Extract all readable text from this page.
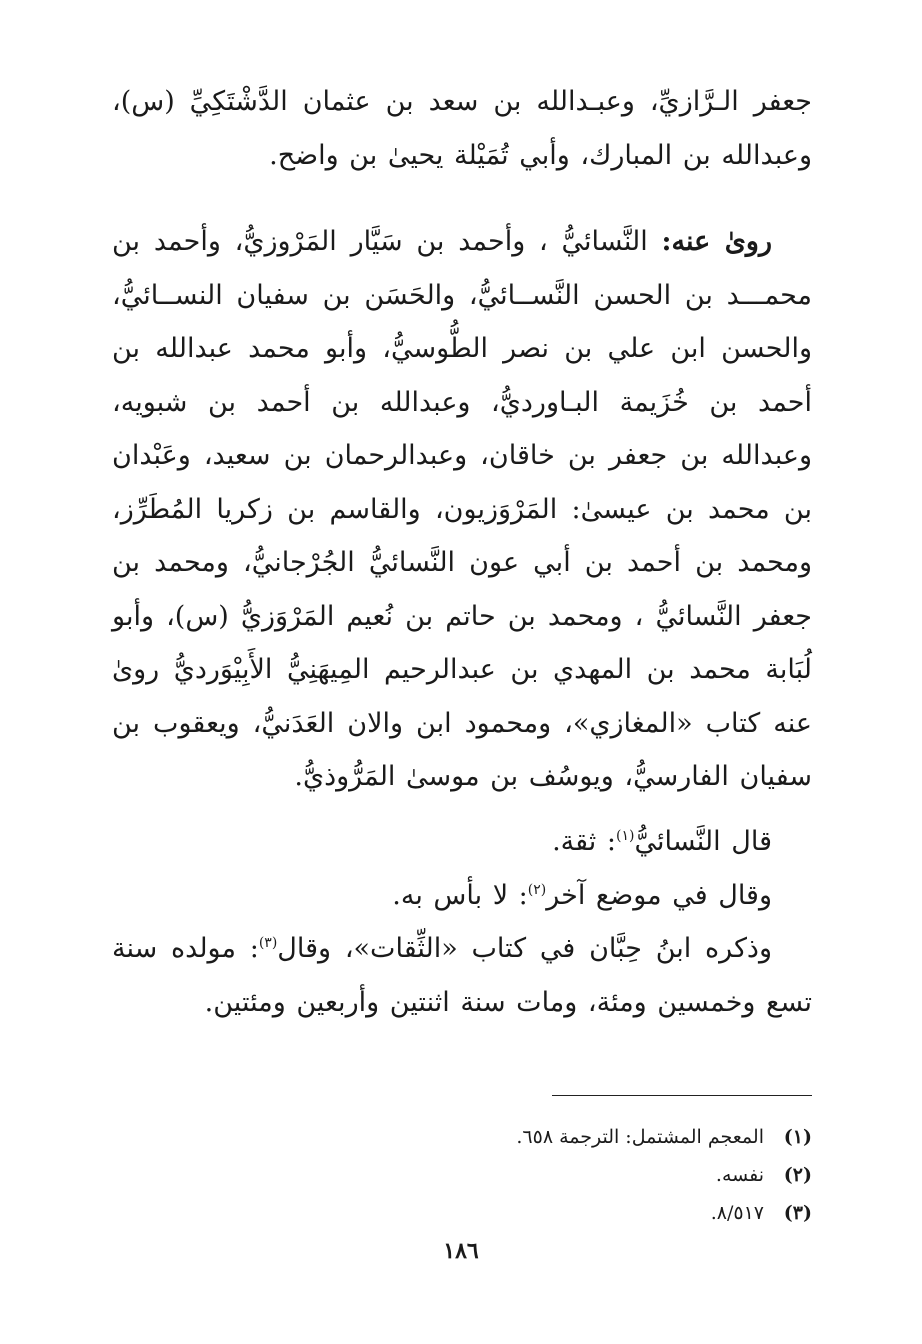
جعفر الـرَّازيِّ، وعبـدالله بن سعد بن عثمان الدَّشْتَكِيِّ (س)، وعبدالله بن المبارك، وأبي تُمَيْلة يحيىٰ بن واضح.

رویٰ عنه: النَّسائيُّ ، وأحمد بن سَيَّار المَرْوزيُّ، وأحمد بن محمـــد بن الحسن النَّســائيُّ، والحَسَن بن سفيان النســائيُّ، والحسن ابن علي بن نصر الطُّوسيُّ، وأبو محمد عبدالله بن أحمد بن خُزَيمة البـاورديُّ، وعبدالله بن أحمد بن شبويه، وعبدالله بن جعفر بن خاقان، وعبدالرحمان بن سعيد، وعَبْدان بن محمد بن عيسیٰ: المَرْوَزيون، والقاسم بن زكريا المُطَرِّز، ومحمد بن أحمد بن أبي عون النَّسائيُّ الجُرْجانيُّ، ومحمد بن جعفر النَّسائيُّ ، ومحمد بن حاتم بن نُعيم المَرْوَزيُّ (س)، وأبو لُبَابة محمد بن المهدي بن عبدالرحيم المِيهَنِيُّ الأَبِيْوَرديُّ روىٰ عنه كتاب «المغازي»، ومحمود ابن والان العَدَنيُّ، ويعقوب بن سفيان الفارسيُّ، ويوسُف بن موسیٰ المَرُّوذيُّ.

قال النَّسائيُّ$^{(١)}$: ثقة.
وقال في موضع آخر$^{(٢)}$: لا بأس به.
وذكره ابنُ حِبَّان في كتاب «الثِّقات»، وقال$^{(٣)}$: مولده سنة تسع وخمسين ومئة، ومات سنة اثنتين وأربعين ومئتين.
(١)المعجم المشتمل: الترجمة ٦٥٨.
(٢)نفسه.
(٣)٨/٥١٧.
١٨٦
